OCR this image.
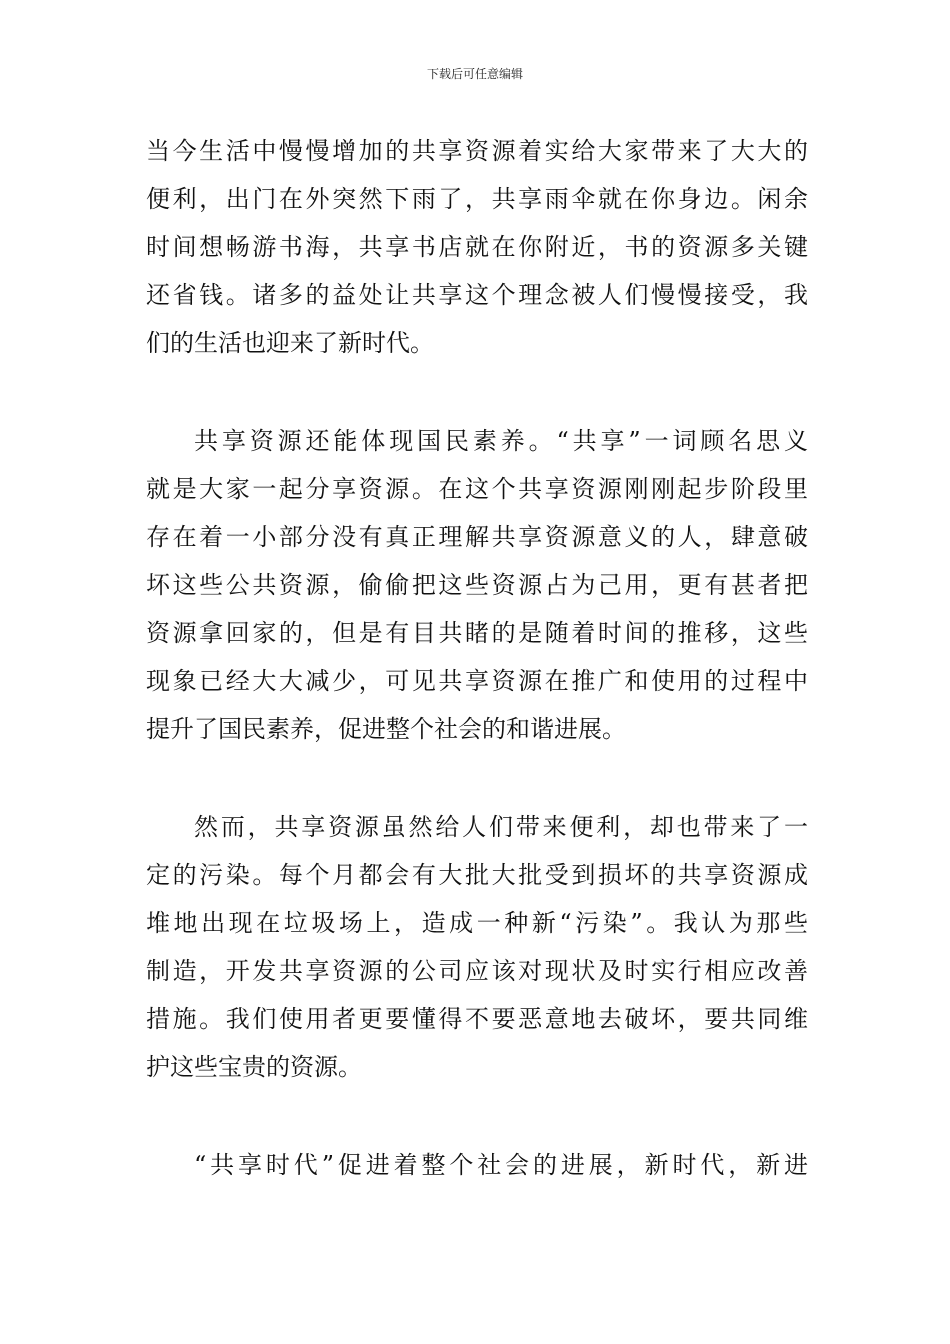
下载后可任意编辑

当今生活中慢慢增加的共享资源着实给大家带来了大大的
便利，出门在外突然下雨了，共享雨伞就在你身边。闲余
时间想畅游书海，共享书店就在你附近，书的资源多关键
还省钱。诸多的益处让共享这个理念被人们慢慢接受，我
们的生活也迎来了新时代。

共享资源还能体现国民素养。“共享”一词顾名思义
就是大家一起分享资源。在这个共享资源刚刚起步阶段里
存在着一小部分没有真正理解共享资源意义的人，肆意破
坏这些公共资源，偷偷把这些资源占为己用，更有甚者把
资源拿回家的，但是有目共睹的是随着时间的推移，这些
现象已经大大减少，可见共享资源在推广和使用的过程中
提升了国民素养，促进整个社会的和谐进展。

然而，共享资源虽然给人们带来便利，却也带来了一
定的污染。每个月都会有大批大批受到损坏的共享资源成
堆地出现在垃圾场上，造成一种新“污染”。我认为那些
制造，开发共享资源的公司应该对现状及时实行相应改善
措施。我们使用者更要懂得不要恶意地去破坏，要共同维
护这些宝贵的资源。

“共享时代”促进着整个社会的进展，新时代，新进
